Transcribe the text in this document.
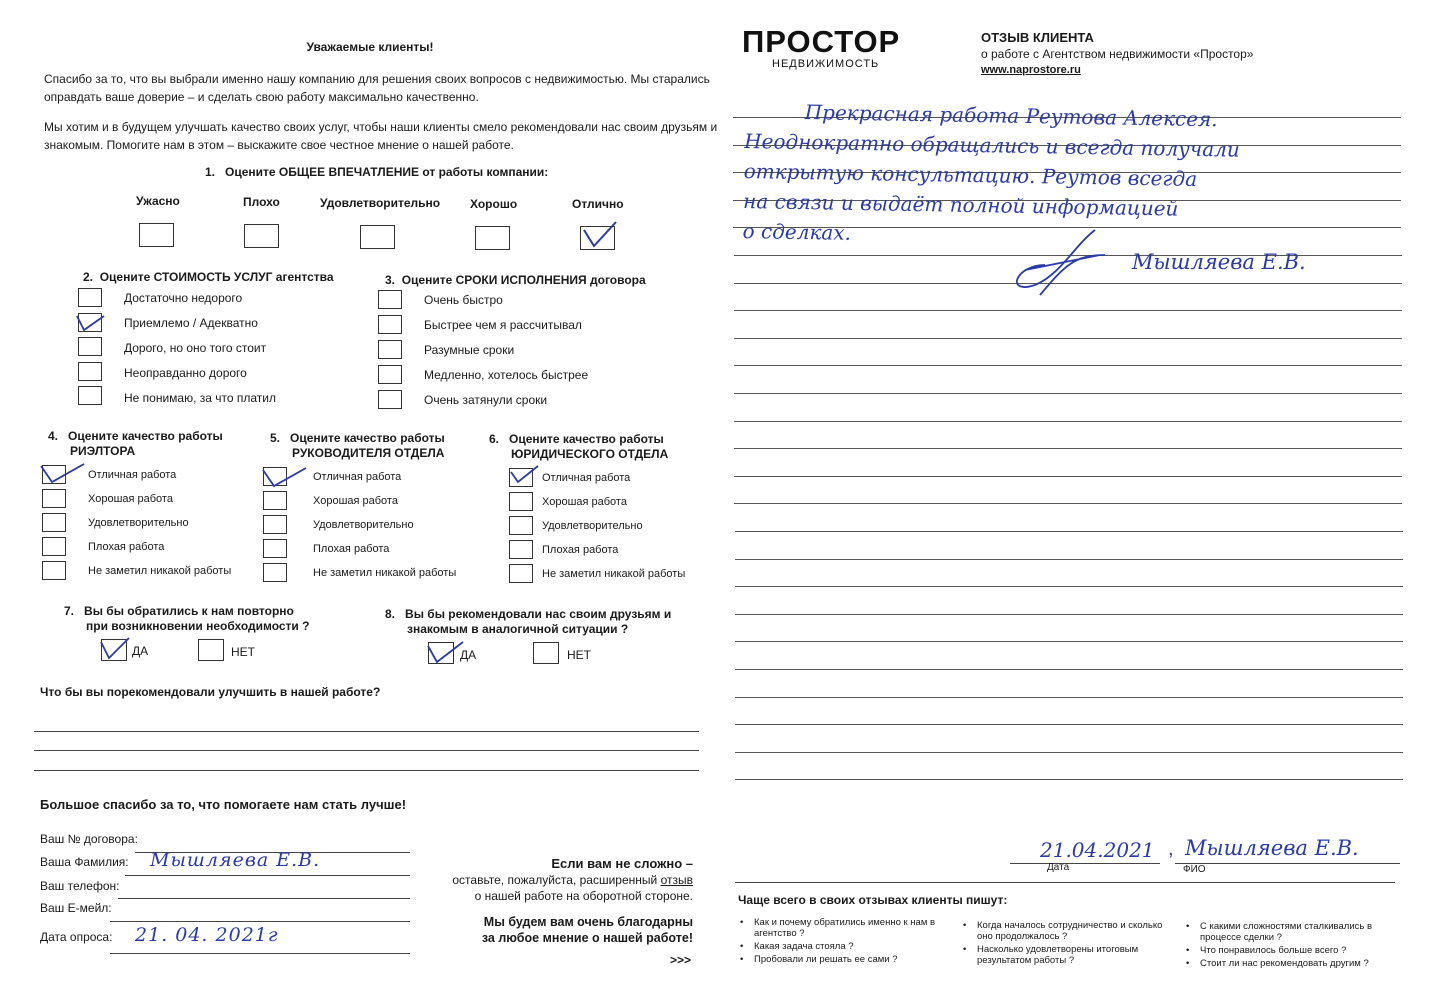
Уважаемые клиенты!
Спасибо за то, что вы выбрали именно нашу компанию для решения своих вопросов с недвижимостью. Мы старались
оправдать ваше доверие – и сделать свою работу максимально качественно.
Мы хотим и в будущем улучшать качество своих услуг, чтобы наши клиенты смело рекомендовали нас своим друзьям и
знакомым. Помогите нам в этом – выскажите свое честное мнение о нашей работе.
1. Оцените ОБЩЕЕ ВПЕЧАТЛЕНИЕ от работы компании:
Ужасно	Плохо	Удовлетворительно Хорошо	Отлично
2. Оцените СТОИМОСТЬ УСЛУГ агентства
Достаточно недорого
Приемлемо / Адекватно
Дорого, но оно того стоит
Неоправданно дорого
Не понимаю, за что платил
3. Оцените СРОКИ ИСПОЛНЕНИЯ договора
Очень быстро
Быстрее чем я рассчитывал
Разумные сроки
Медленно, хотелось быстрее
Очень затянули сроки
4. Оцените качество работы
РИЭЛТОРА
Отличная работа
Хорошая работа
Удовлетворительно
Плохая работа
Не заметил никакой работы
5. Оцените качество работы
РУКОВОДИТЕЛЯ ОТДЕЛА
Отличная работа
Хорошая работа
Удовлетворительно
Плохая работа
Не заметил никакой работы
6. Оцените качество работы
ЮРИДИЧЕСКОГО ОТДЕЛА
Отличная работа
Хорошая работа
Удовлетворительно
Плохая работа
Не заметил никакой работы
7. Вы бы обратились к нам повторно
при возникновении необходимости ?
ДА	НЕТ
8. Вы бы рекомендовали нас своим друзьям и
знакомым в аналогичной ситуации ?
ДА	НЕТ
Что бы вы порекомендовали улучшить в нашей работе?
Большое спасибо за то, что помогаете нам стать лучше!
Ваш № договора:
Ваша Фамилия: Мышляева Е.В.
Ваш телефон:
Ваш Е-мейл:
Дата опроса: 21. 04. 2021г
Если вам не сложно –
оставьте, пожалуйста, расширенный отзыв
о нашей работе на оборотной стороне.
Мы будем вам очень благодарны
за любое мнение о нашей работе!
>>>
ПРОСТОР
НЕДВИЖИМОСТЬ
ОТЗЫВ КЛИЕНТА
о работе с Агентством недвижимости «Простор»
www.naprostore.ru
Прекрасная работа Реутова Алексея.
Неоднократно обращались и всегда получали
открытую консультацию. Реутов всегда
на связи и выдаёт полной информацией
о сделках.
Мышляева Е.В.
21.04.2021 , Мышляева Е.В.
Дата	ФИО
Чаще всего в своих отзывах клиенты пишут:
• Как и почему обратились именно к нам в агентство ?
• Какая задача стояла ?
• Пробовали ли решать ее сами ?
• Когда началось сотрудничество и сколько оно продолжалось ?
• Насколько удовлетворены итоговым результатом работы ?
• С какими сложностями сталкивались в процессе сделки ?
• Что понравилось больше всего ?
• Стоит ли нас рекомендовать другим ?
